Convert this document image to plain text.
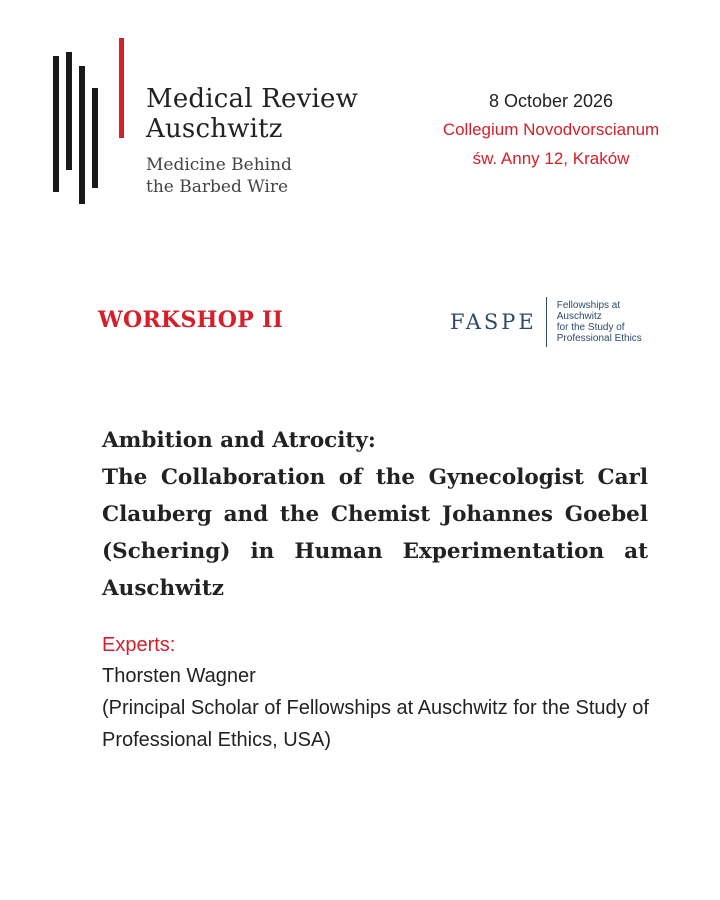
Medical Review
Auschwitz
Medicine Behind
the Barbed Wire
8 October 2026
Collegium Novodvorscianum
św. Anny 12, Kraków
WORKSHOP II	FASPE
Fellowships at
Auschwitz
for the Study of
Professional Ethics
Ambition and Atrocity:
The Collaboration of the Gynecologist Carl Clauberg and the Chemist Johannes Goebel (Schering) in Human Experimentation at Auschwitz
Experts:
Thorsten Wagner
(Principal Scholar of Fellowships at Auschwitz for the Study of Professional Ethics, USA)
